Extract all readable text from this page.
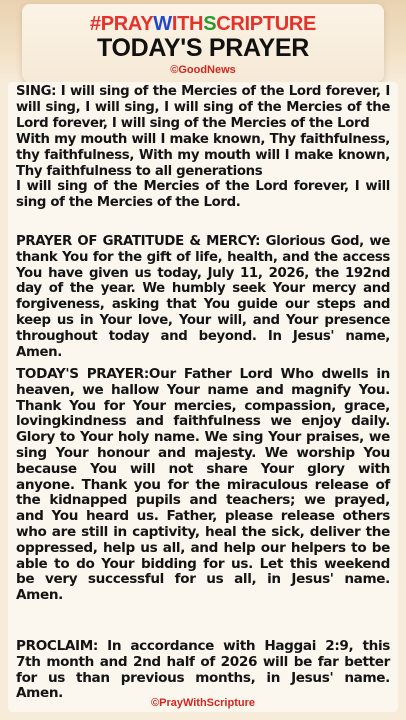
#PRAYWITHSCRIPTURE
TODAY'S PRAYER
©GoodNews

SING: I will sing of the Mercies of the Lord forever, I will sing, I will sing, I will sing of the Mercies of the Lord forever, I will sing of the Mercies of the Lord
With my mouth will I make known, Thy faithfulness, thy faithfulness, With my mouth will I make known, Thy faithfulness to all generations
I will sing of the Mercies of the Lord forever, I will sing of the Mercies of the Lord.

PRAYER OF GRATITUDE & MERCY: Glorious God, we thank You for the gift of life, health, and the access You have given us today, July 11, 2026, the 192nd day of the year. We humbly seek Your mercy and forgiveness, asking that You guide our steps and keep us in Your love, Your will, and Your presence throughout today and beyond. In Jesus' name, Amen.

TODAY'S PRAYER:Our Father Lord Who dwells in heaven, we hallow Your name and magnify You. Thank You for Your mercies, compassion, grace, lovingkindness and faithfulness we enjoy daily. Glory to Your holy name. We sing Your praises, we sing Your honour and majesty. We worship You because You will not share Your glory with anyone. Thank you for the miraculous release of the kidnapped pupils and teachers; we prayed, and You heard us. Father, please release others who are still in captivity, heal the sick, deliver the oppressed, help us all, and help our helpers to be able to do Your bidding for us. Let this weekend be very successful for us all, in Jesus' name. Amen.

PROCLAIM: In accordance with Haggai 2:9, this 7th month and 2nd half of 2026 will be far better for us than previous months, in Jesus' name. Amen.

©PrayWithScripture
